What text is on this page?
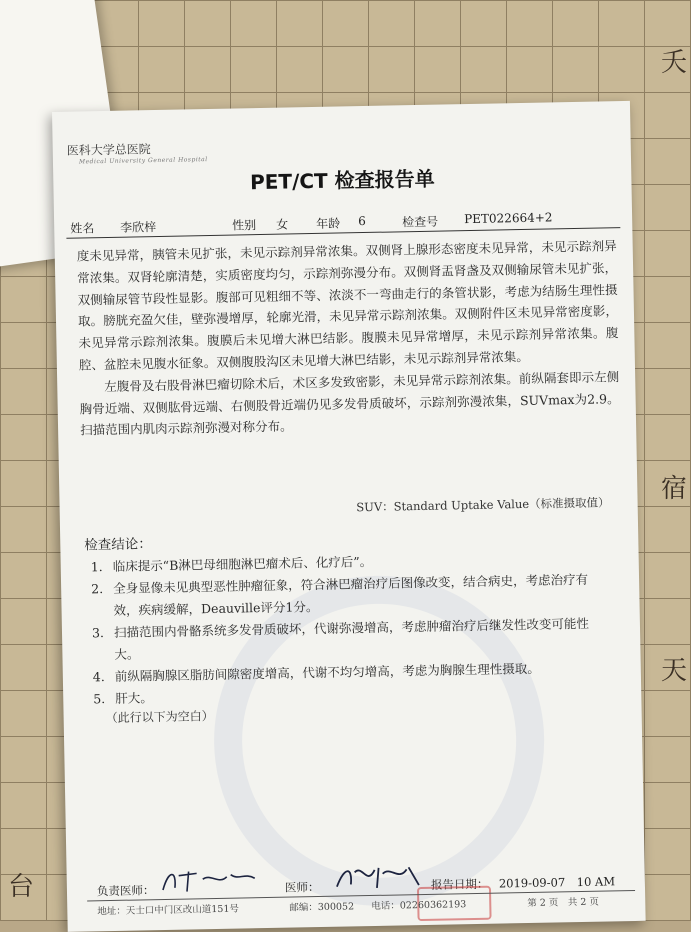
夭
宿
天
台
医科大学总医院
Medical University General Hospital
PET/CT 检查报告单
姓名 李欣梓	性别 女 年龄 6	检查号 PET022664+2

度未见异常，胰管未见扩张，未见示踪剂异常浓集。双侧肾上腺形态密度未见异常，未见示踪剂异常浓集。双肾轮廓清楚，实质密度均匀，示踪剂弥漫分布。双侧肾盂肾盏及双侧输尿管未见扩张，双侧输尿管节段性显影。腹部可见粗细不等、浓淡不一弯曲走行的条管状影，考虑为结肠生理性摄取。膀胱充盈欠佳，壁弥漫增厚，轮廓光滑，未见异常示踪剂浓集。双侧附件区未见异常密度影，未见异常示踪剂浓集。腹膜后未见增大淋巴结影。腹膜未见异常增厚，未见示踪剂异常浓集。腹腔、盆腔未见腹水征象。双侧腹股沟区未见增大淋巴结影，未见示踪剂异常浓集。

左腹骨及右股骨淋巴瘤切除术后，术区多发致密影，未见异常示踪剂浓集。前纵隔套即示左侧胸骨近端、双侧肱骨远端、右侧股骨近端仍见多发骨质破坏，示踪剂弥漫浓集，SUVmax为2.9。扫描范围内肌肉示踪剂弥漫对称分布。

SUV：Standard Uptake Value（标准摄取值）
检查结论：
1. 临床提示“B淋巴母细胞淋巴瘤术后、化疗后”。
2. 全身显像未见典型恶性肿瘤征象，符合淋巴瘤治疗后图像改变，结合病史，考虑治疗有效，疾病缓解，Deauville评分1分。
3. 扫描范围内骨骼系统多发骨质破坏，代谢弥漫增高，考虑肿瘤治疗后继发性改变可能性大。
4. 前纵隔胸腺区脂肪间隙密度增高，代谢不均匀增高，考虑为胸腺生理性摄取。
5. 肝大。
（此行以下为空白）
负责医师：	医师：	报告日期： 2019-09-07　10 AM
地址：天士口中门区改山道151号	邮编：300052 电话：02260362193	第 2 页　共 2 页
